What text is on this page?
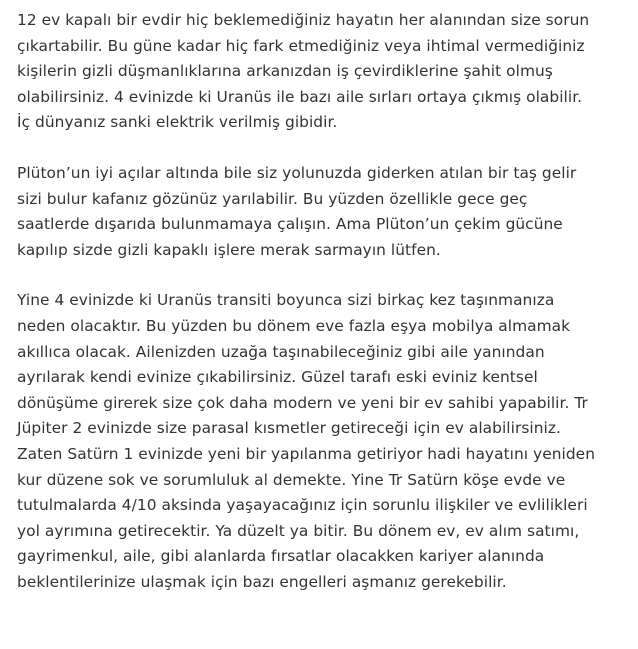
12 ev kapalı bir evdir hiç beklemediğiniz hayatın her alanından size sorun
çıkartabilir. Bu güne kadar hiç fark etmediğiniz veya ihtimal vermediğiniz
kişilerin gizli düşmanlıklarına arkanızdan iş çevirdiklerine şahit olmuş
olabilirsiniz. 4 evinizde ki Uranüs ile bazı aile sırları ortaya çıkmış olabilir.
İç dünyanız sanki elektrik verilmiş gibidir.

Plüton’un iyi açılar altında bile siz yolunuzda giderken atılan bir taş gelir
sizi bulur kafanız gözünüz yarılabilir. Bu yüzden özellikle gece geç
saatlerde dışarıda bulunmamaya çalışın. Ama Plüton’un çekim gücüne
kapılıp sizde gizli kapaklı işlere merak sarmayın lütfen.

Yine 4 evinizde ki Uranüs transiti boyunca sizi birkaç kez taşınmanıza
neden olacaktır. Bu yüzden bu dönem eve fazla eşya mobilya almamak
akıllıca olacak. Ailenizden uzağa taşınabileceğiniz gibi aile yanından
ayrılarak kendi evinize çıkabilirsiniz. Güzel tarafı eski eviniz kentsel
dönüşüme girerek size çok daha modern ve yeni bir ev sahibi yapabilir. Tr
Jüpiter 2 evinizde size parasal kısmetler getireceği için ev alabilirsiniz.
Zaten Satürn 1 evinizde yeni bir yapılanma getiriyor hadi hayatını yeniden
kur düzene sok ve sorumluluk al demekte. Yine Tr Satürn köşe evde ve
tutulmalarda 4/10 aksinda yaşayacağınız için sorunlu ilişkiler ve evlilikleri
yol ayrımına getirecektir. Ya düzelt ya bitir. Bu dönem ev, ev alım satımı,
gayrimenkul, aile, gibi alanlarda fırsatlar olacakken kariyer alanında
beklentilerinize ulaşmak için bazı engelleri aşmanız gerekebilir.
